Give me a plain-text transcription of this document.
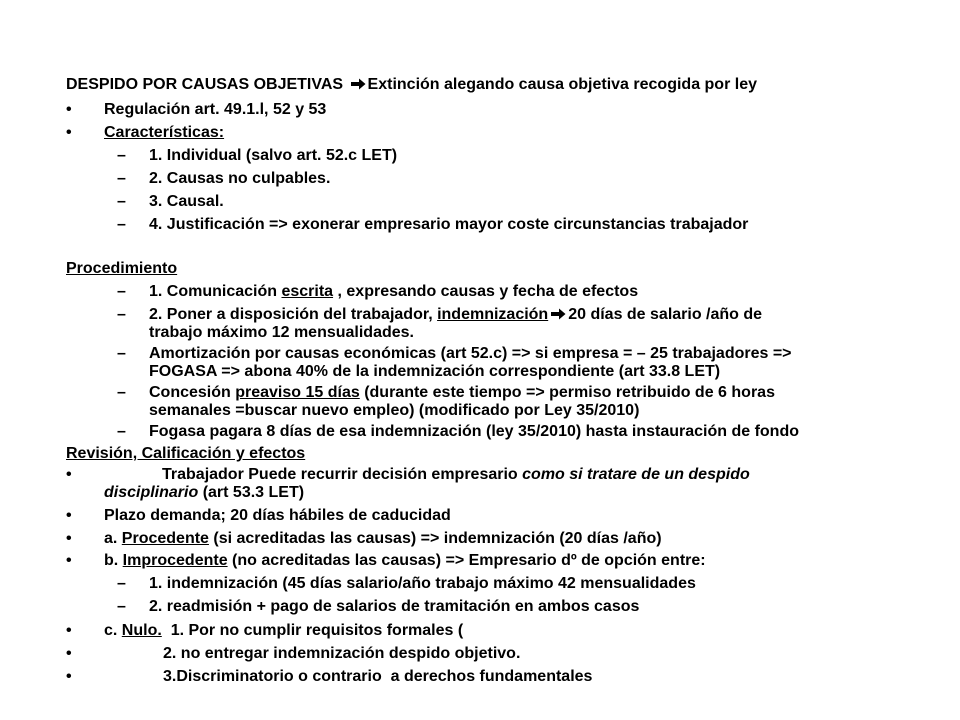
DESPIDO POR CAUSAS OBJETIVAS Extinción alegando causa objetiva recogida por ley
• Regulación art. 49.1.l, 52 y 53
• Características:
– 1. Individual (salvo art. 52.c LET)
– 2. Causas no culpables.
– 3. Causal.
– 4. Justificación => exonerar empresario mayor coste circunstancias trabajador
Procedimiento
– 1. Comunicación escrita , expresando causas y fecha de efectos
– 2. Poner a disposición del trabajador, indemnización 20 días de salario /año de
trabajo máximo 12 mensualidades.
– Amortización por causas económicas (art 52.c) => si empresa = – 25 trabajadores =>
FOGASA => abona 40% de la indemnización correspondiente (art 33.8 LET)
– Concesión preaviso 15 días (durante este tiempo => permiso retribuido de 6 horas
semanales =buscar nuevo empleo) (modificado por Ley 35/2010)
– Fogasa pagara 8 días de esa indemnización (ley 35/2010) hasta instauración de fondo
Revisión, Calificación y efectos
•	Trabajador Puede recurrir decisión empresario como si tratare de un despido
disciplinario (art 53.3 LET)
• Plazo demanda; 20 días hábiles de caducidad
• a. Procedente (si acreditadas las causas) => indemnización (20 días /año)
• b. Improcedente (no acreditadas las causas) => Empresario dº de opción entre:
– 1. indemnización (45 días salario/año trabajo máximo 42 mensualidades
– 2. readmisión + pago de salarios de tramitación en ambos casos
• c. Nulo.  1. Por no cumplir requisitos formales (
•	2. no entregar indemnización despido objetivo.
•	3.Discriminatorio o contrario  a derechos fundamentales
